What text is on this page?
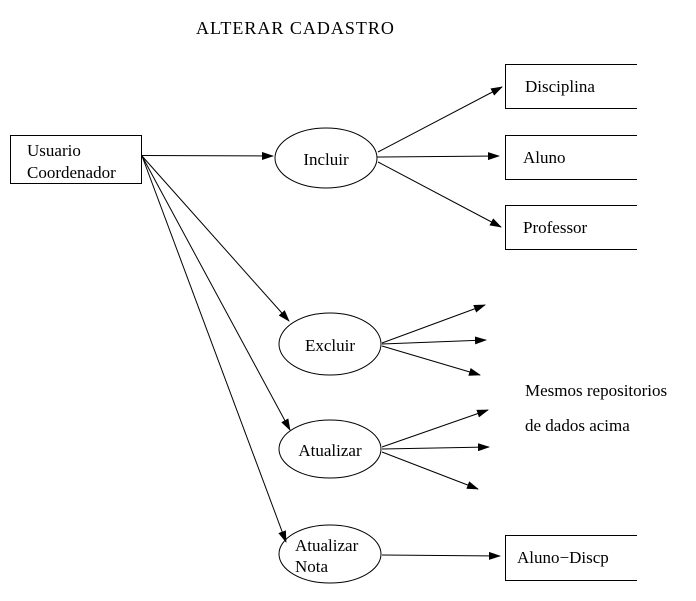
ALTERAR CADASTRO
Usuario
Coordenador
Incluir
Excluir
Atualizar
Atualizar
Nota
Disciplina
Aluno
Professor
Aluno−Discp
Mesmos repositorios
de dados acima
